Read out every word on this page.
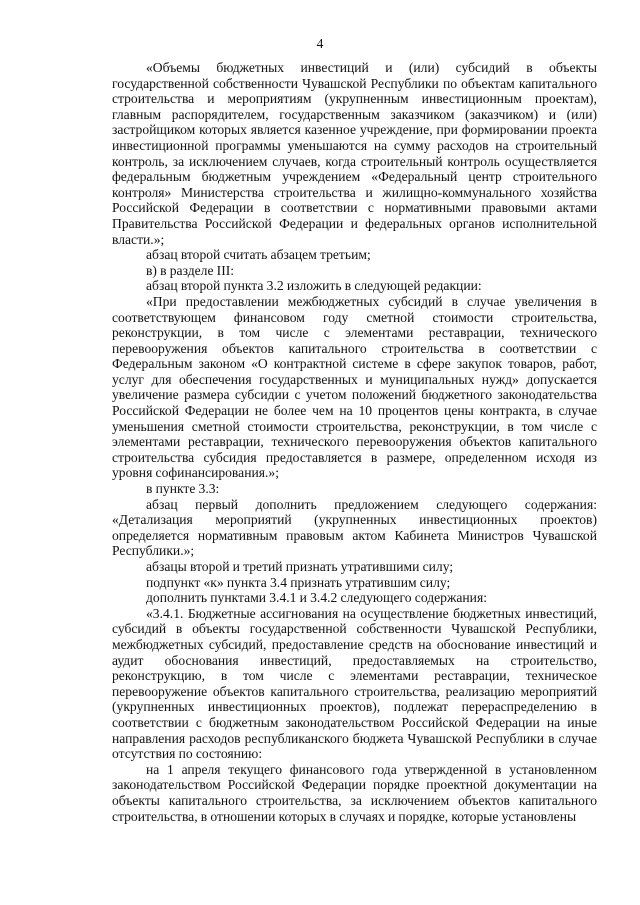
4

«Объемы бюджетных инвестиций и (или) субсидий в объекты государственной собственности Чувашской Республики по объектам капитального строительства и мероприятиям (укрупненным инвестиционным проектам), главным распорядителем, государственным заказчиком (заказчиком) и (или) застройщиком которых является казенное учреждение, при формировании проекта инвестиционной программы уменьшаются на сумму расходов на строительный контроль, за исключением случаев, когда строительный контроль осуществляется федеральным бюджетным учреждением «Федеральный центр строительного контроля» Министерства строительства и жилищно-коммунального хозяйства Российской Федерации в соответствии с нормативными правовыми актами Правительства Российской Федерации и федеральных органов исполнительной власти.»;

абзац второй считать абзацем третьим;

в) в разделе III:

абзац второй пункта 3.2 изложить в следующей редакции:

«При предоставлении межбюджетных субсидий в случае увеличения в соответствующем финансовом году сметной стоимости строительства, реконструкции, в том числе с элементами реставрации, технического перевооружения объектов капитального строительства в соответствии с Федеральным законом «О контрактной системе в сфере закупок товаров, работ, услуг для обеспечения государственных и муниципальных нужд» допускается увеличение размера субсидии с учетом положений бюджетного законодательства Российской Федерации не более чем на 10 процентов цены контракта, в случае уменьшения сметной стоимости строительства, реконструкции, в том числе с элементами реставрации, технического перевооружения объектов капитального строительства субсидия предоставляется в размере, определенном исходя из уровня софинансирования.»;

в пункте 3.3:

абзац первый дополнить предложением следующего содержания: «Детализация мероприятий (укрупненных инвестиционных проектов) определяется нормативным правовым актом Кабинета Министров Чувашской Республики.»;

абзацы второй и третий признать утратившими силу;

подпункт «к» пункта 3.4 признать утратившим силу;

дополнить пунктами 3.4.1 и 3.4.2 следующего содержания:

«3.4.1. Бюджетные ассигнования на осуществление бюджетных инвестиций, субсидий в объекты государственной собственности Чувашской Республики, межбюджетных субсидий, предоставление средств на обоснование инвестиций и аудит обоснования инвестиций, предоставляемых на строительство, реконструкцию, в том числе с элементами реставрации, техническое перевооружение объектов капитального строительства, реализацию мероприятий (укрупненных инвестиционных проектов), подлежат перераспределению в соответствии с бюджетным законодательством Российской Федерации на иные направления расходов республиканского бюджета Чувашской Республики в случае отсутствия по состоянию:

на 1 апреля текущего финансового года утвержденной в установленном законодательством Российской Федерации порядке проектной документации на объекты капитального строительства, за исключением объектов капитального строительства, в отношении которых в случаях и порядке, которые установлены
